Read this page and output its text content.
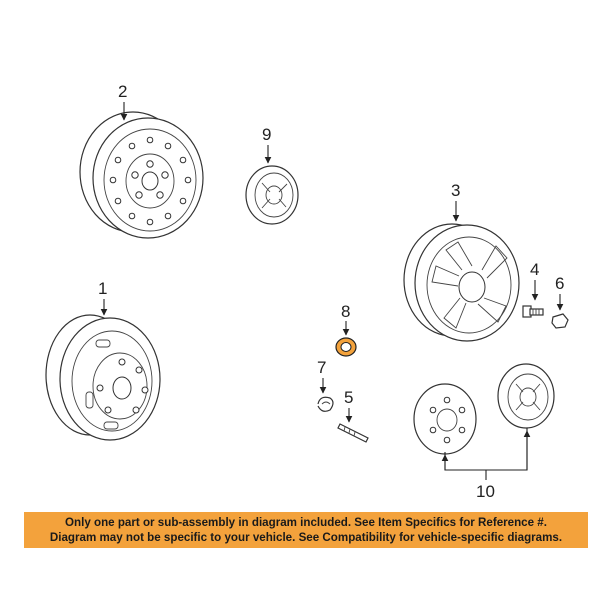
2
9
3
4
6
1
8
7
5
10
Only one part or sub-assembly in diagram included. See Item Specifics for Reference #.
Diagram may not be specific to your vehicle. See Compatibility for vehicle-specific diagrams.
